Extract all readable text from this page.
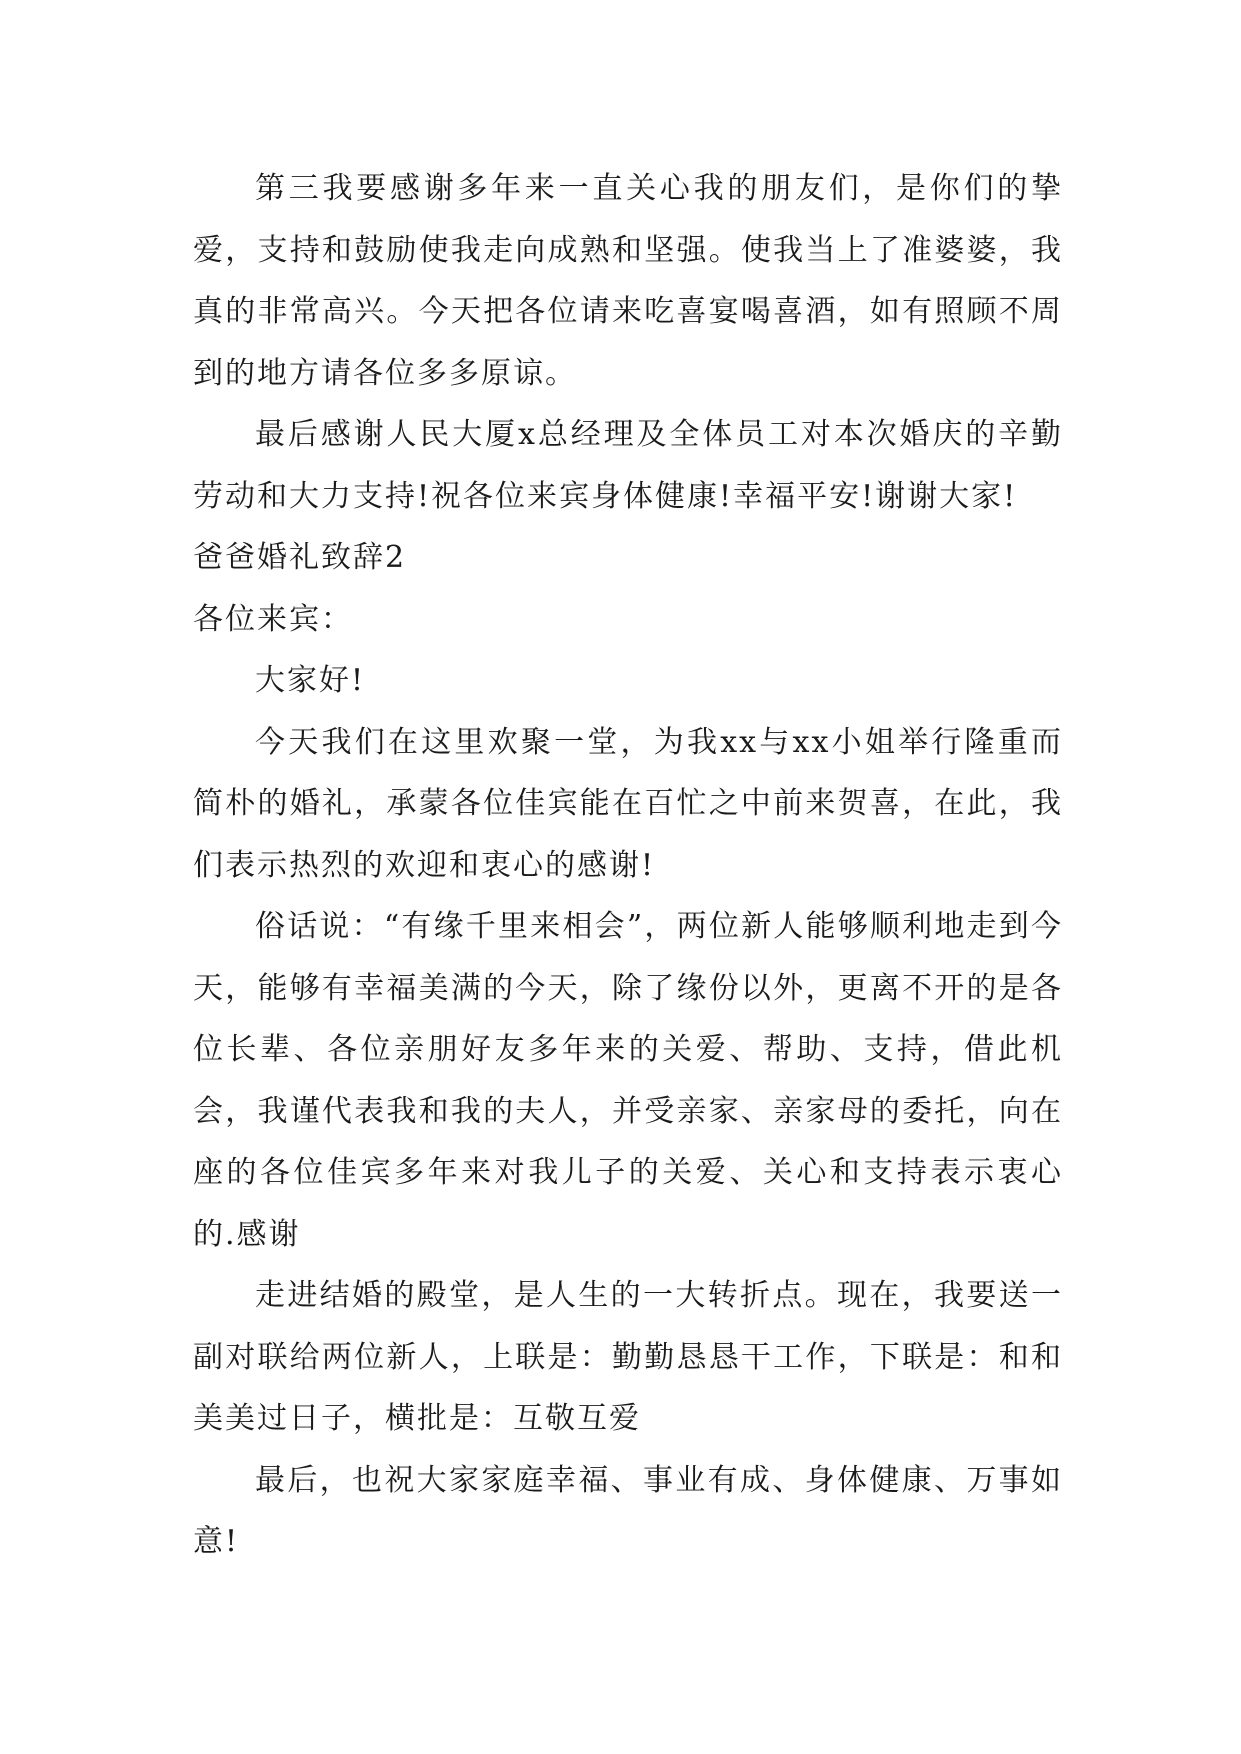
第三我要感谢多年来一直关心我的朋友们，是你们的挚爱，支持和鼓励使我走向成熟和坚强。使我当上了准婆婆，我真的非常高兴。今天把各位请来吃喜宴喝喜酒，如有照顾不周到的地方请各位多多原谅。

最后感谢人民大厦x总经理及全体员工对本次婚庆的辛勤劳动和大力支持!祝各位来宾身体健康!幸福平安!谢谢大家!

爸爸婚礼致辞2

各位来宾：

大家好!

今天我们在这里欢聚一堂，为我xx与xx小姐举行隆重而简朴的婚礼，承蒙各位佳宾能在百忙之中前来贺喜，在此，我们表示热烈的欢迎和衷心的感谢!

俗话说：“有缘千里来相会”，两位新人能够顺利地走到今天，能够有幸福美满的今天，除了缘份以外，更离不开的是各位长辈、各位亲朋好友多年来的关爱、帮助、支持，借此机会，我谨代表我和我的夫人，并受亲家、亲家母的委托，向在座的各位佳宾多年来对我儿子的关爱、关心和支持表示衷心的.感谢

走进结婚的殿堂，是人生的一大转折点。现在，我要送一副对联给两位新人，上联是：勤勤恳恳干工作，下联是：和和美美过日子，横批是：互敬互爱

最后，也祝大家家庭幸福、事业有成、身体健康、万事如意!
